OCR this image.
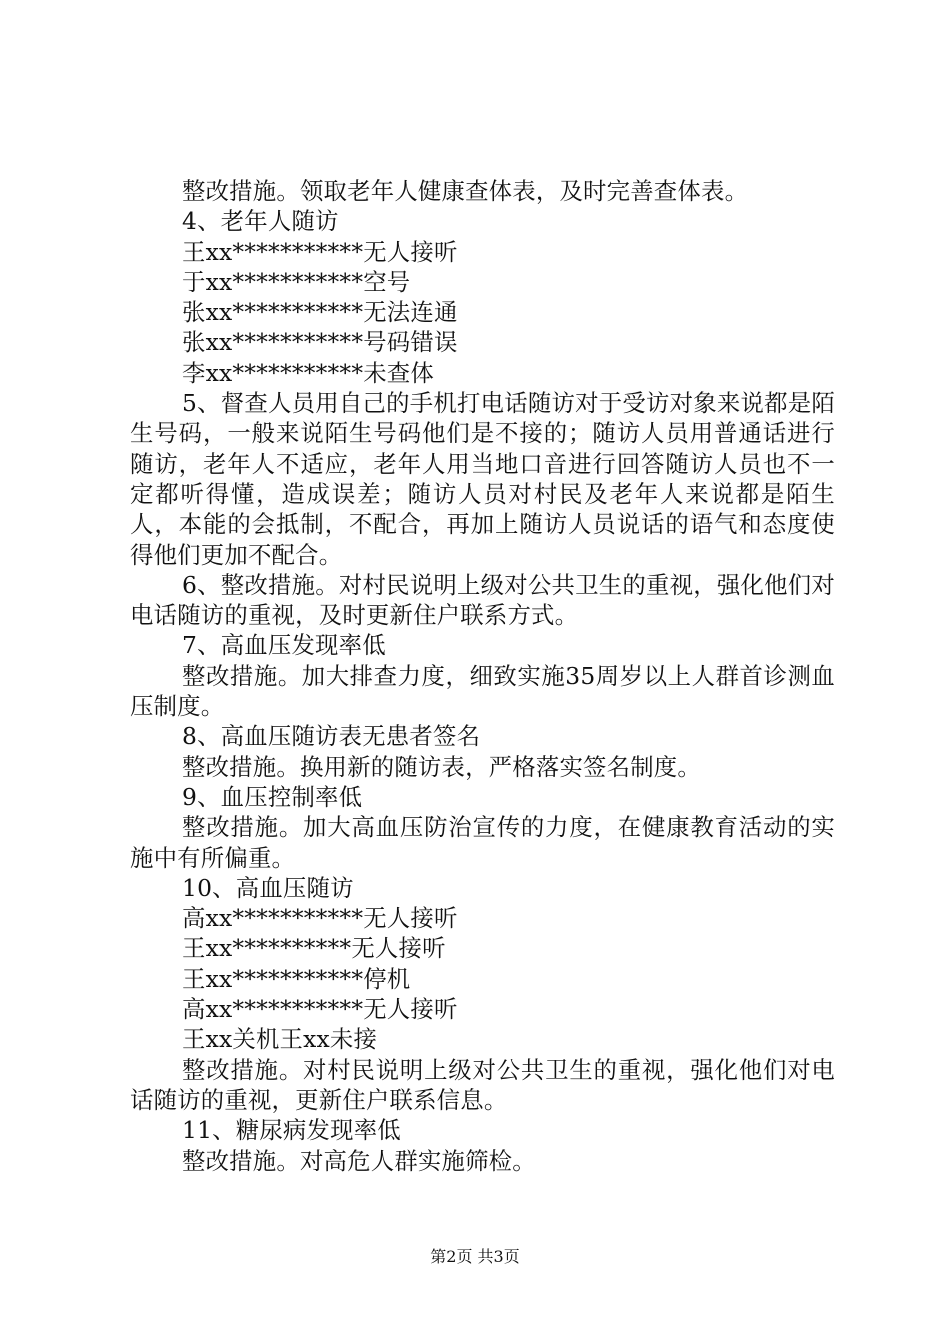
整改措施。领取老年人健康查体表，及时完善查体表。

4、老年人随访

王xx***********无人接听

于xx***********空号

张xx***********无法连通

张xx***********号码错误

李xx***********未查体

5、督查人员用自己的手机打电话随访对于受访对象来说都是陌生号码，一般来说陌生号码他们是不接的；随访人员用普通话进行随访，老年人不适应，老年人用当地口音进行回答随访人员也不一定都听得懂，造成误差；随访人员对村民及老年人来说都是陌生人，本能的会抵制，不配合，再加上随访人员说话的语气和态度使得他们更加不配合。

6、整改措施。对村民说明上级对公共卫生的重视，强化他们对电话随访的重视，及时更新住户联系方式。

7、高血压发现率低

整改措施。加大排查力度，细致实施35周岁以上人群首诊测血压制度。

8、高血压随访表无患者签名

整改措施。换用新的随访表，严格落实签名制度。

9、血压控制率低

整改措施。加大高血压防治宣传的力度，在健康教育活动的实施中有所偏重。

10、高血压随访

高xx***********无人接听

王xx**********无人接听

王xx***********停机

高xx***********无人接听

王xx关机王xx未接

整改措施。对村民说明上级对公共卫生的重视，强化他们对电话随访的重视，更新住户联系信息。

11、糖尿病发现率低

整改措施。对高危人群实施筛检。

第2页 共3页
